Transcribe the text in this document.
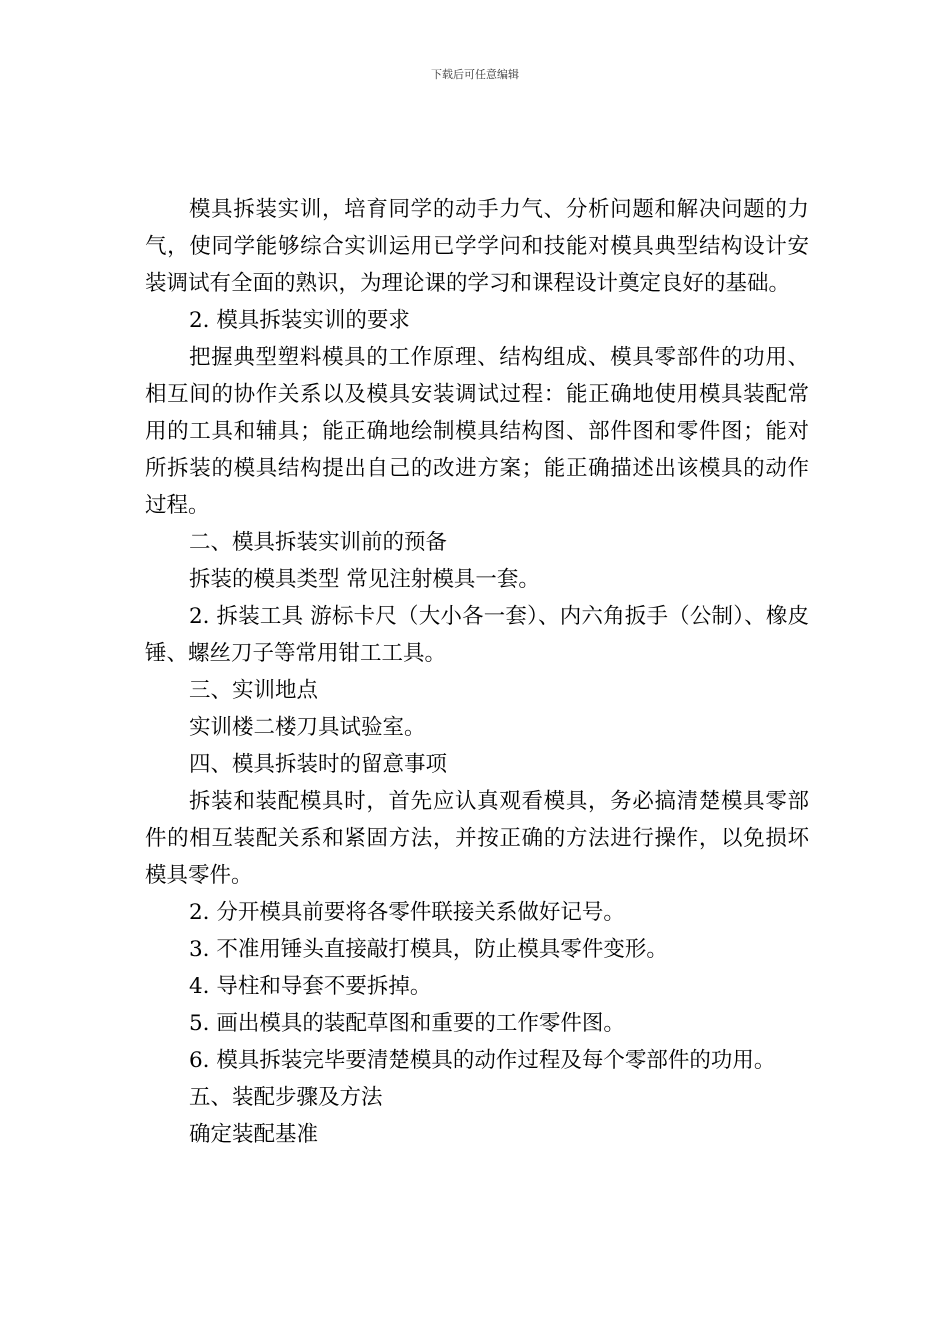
下载后可任意编辑

模具拆装实训，培育同学的动手力气、分析问题和解决问题的力气，使同学能够综合实训运用已学学问和技能对模具典型结构设计安装调试有全面的熟识，为理论课的学习和课程设计奠定良好的基础。

2. 模具拆装实训的要求

把握典型塑料模具的工作原理、结构组成、模具零部件的功用、相互间的协作关系以及模具安装调试过程：能正确地使用模具装配常用的工具和辅具；能正确地绘制模具结构图、部件图和零件图；能对所拆装的模具结构提出自己的改进方案；能正确描述出该模具的动作过程。

二、模具拆装实训前的预备

拆装的模具类型 常见注射模具一套。

2. 拆装工具 游标卡尺（大小各一套）、内六角扳手（公制）、橡皮锤、螺丝刀子等常用钳工工具。

三、实训地点

实训楼二楼刀具试验室。

四、模具拆装时的留意事项

拆装和装配模具时，首先应认真观看模具，务必搞清楚模具零部件的相互装配关系和紧固方法，并按正确的方法进行操作，以免损坏模具零件。

2. 分开模具前要将各零件联接关系做好记号。

3. 不准用锤头直接敲打模具，防止模具零件变形。

4. 导柱和导套不要拆掉。

5. 画出模具的装配草图和重要的工作零件图。

6. 模具拆装完毕要清楚模具的动作过程及每个零部件的功用。

五、装配步骤及方法

确定装配基准
